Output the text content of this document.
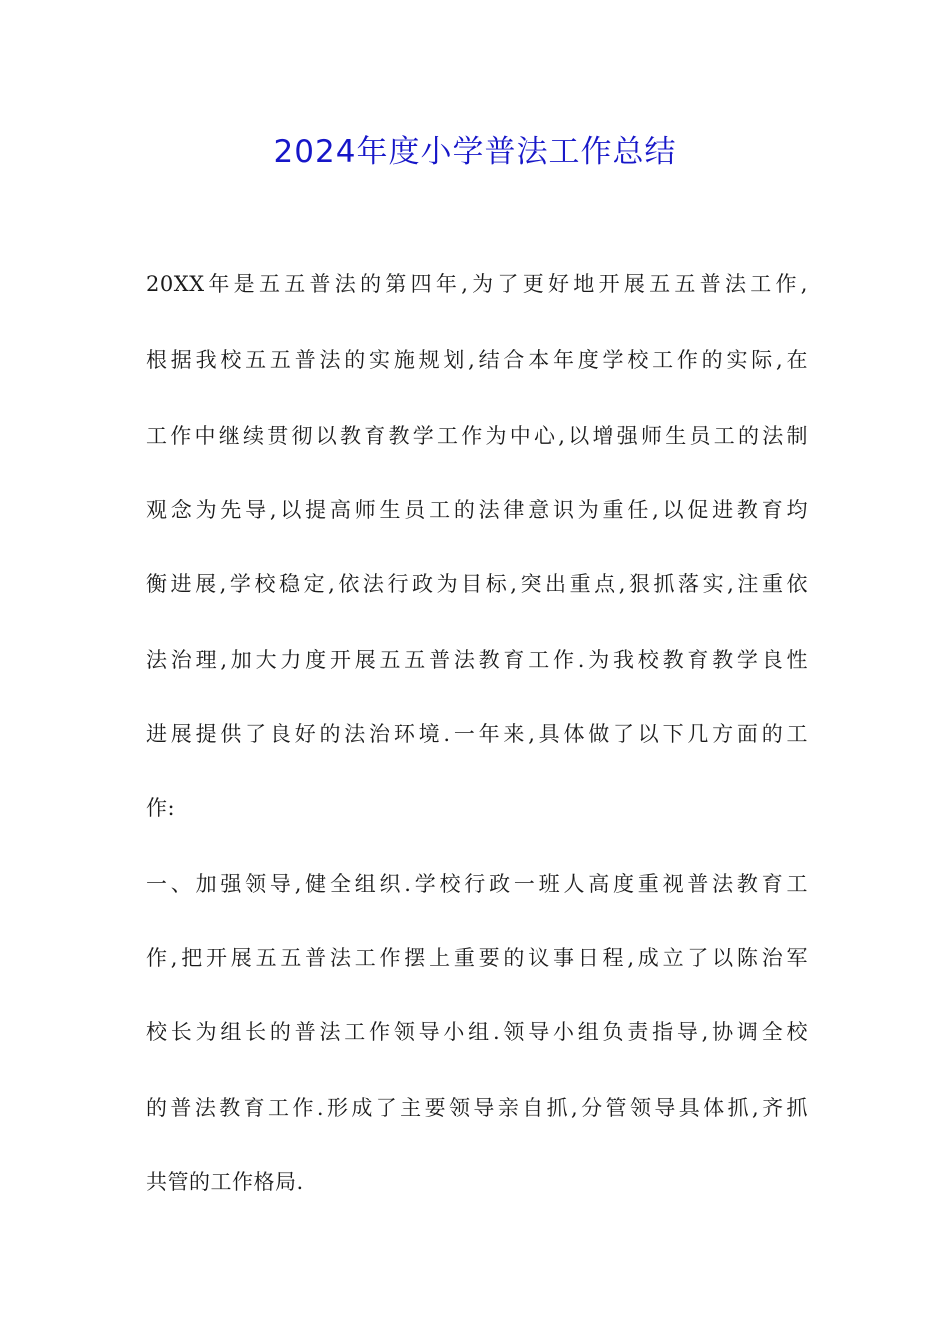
2024年度小学普法工作总结
20XX年是五五普法的第四年,为了更好地开展五五普法工作,
根据我校五五普法的实施规划,结合本年度学校工作的实际,在
工作中继续贯彻以教育教学工作为中心,以增强师生员工的法制
观念为先导,以提高师生员工的法律意识为重任,以促进教育均
衡进展,学校稳定,依法行政为目标,突出重点,狠抓落实,注重依
法治理,加大力度开展五五普法教育工作.为我校教育教学良性
进展提供了良好的法治环境.一年来,具体做了以下几方面的工
作:
一、加强领导,健全组织.学校行政一班人高度重视普法教育工
作,把开展五五普法工作摆上重要的议事日程,成立了以陈治军
校长为组长的普法工作领导小组.领导小组负责指导,协调全校
的普法教育工作.形成了主要领导亲自抓,分管领导具体抓,齐抓
共管的工作格局.
